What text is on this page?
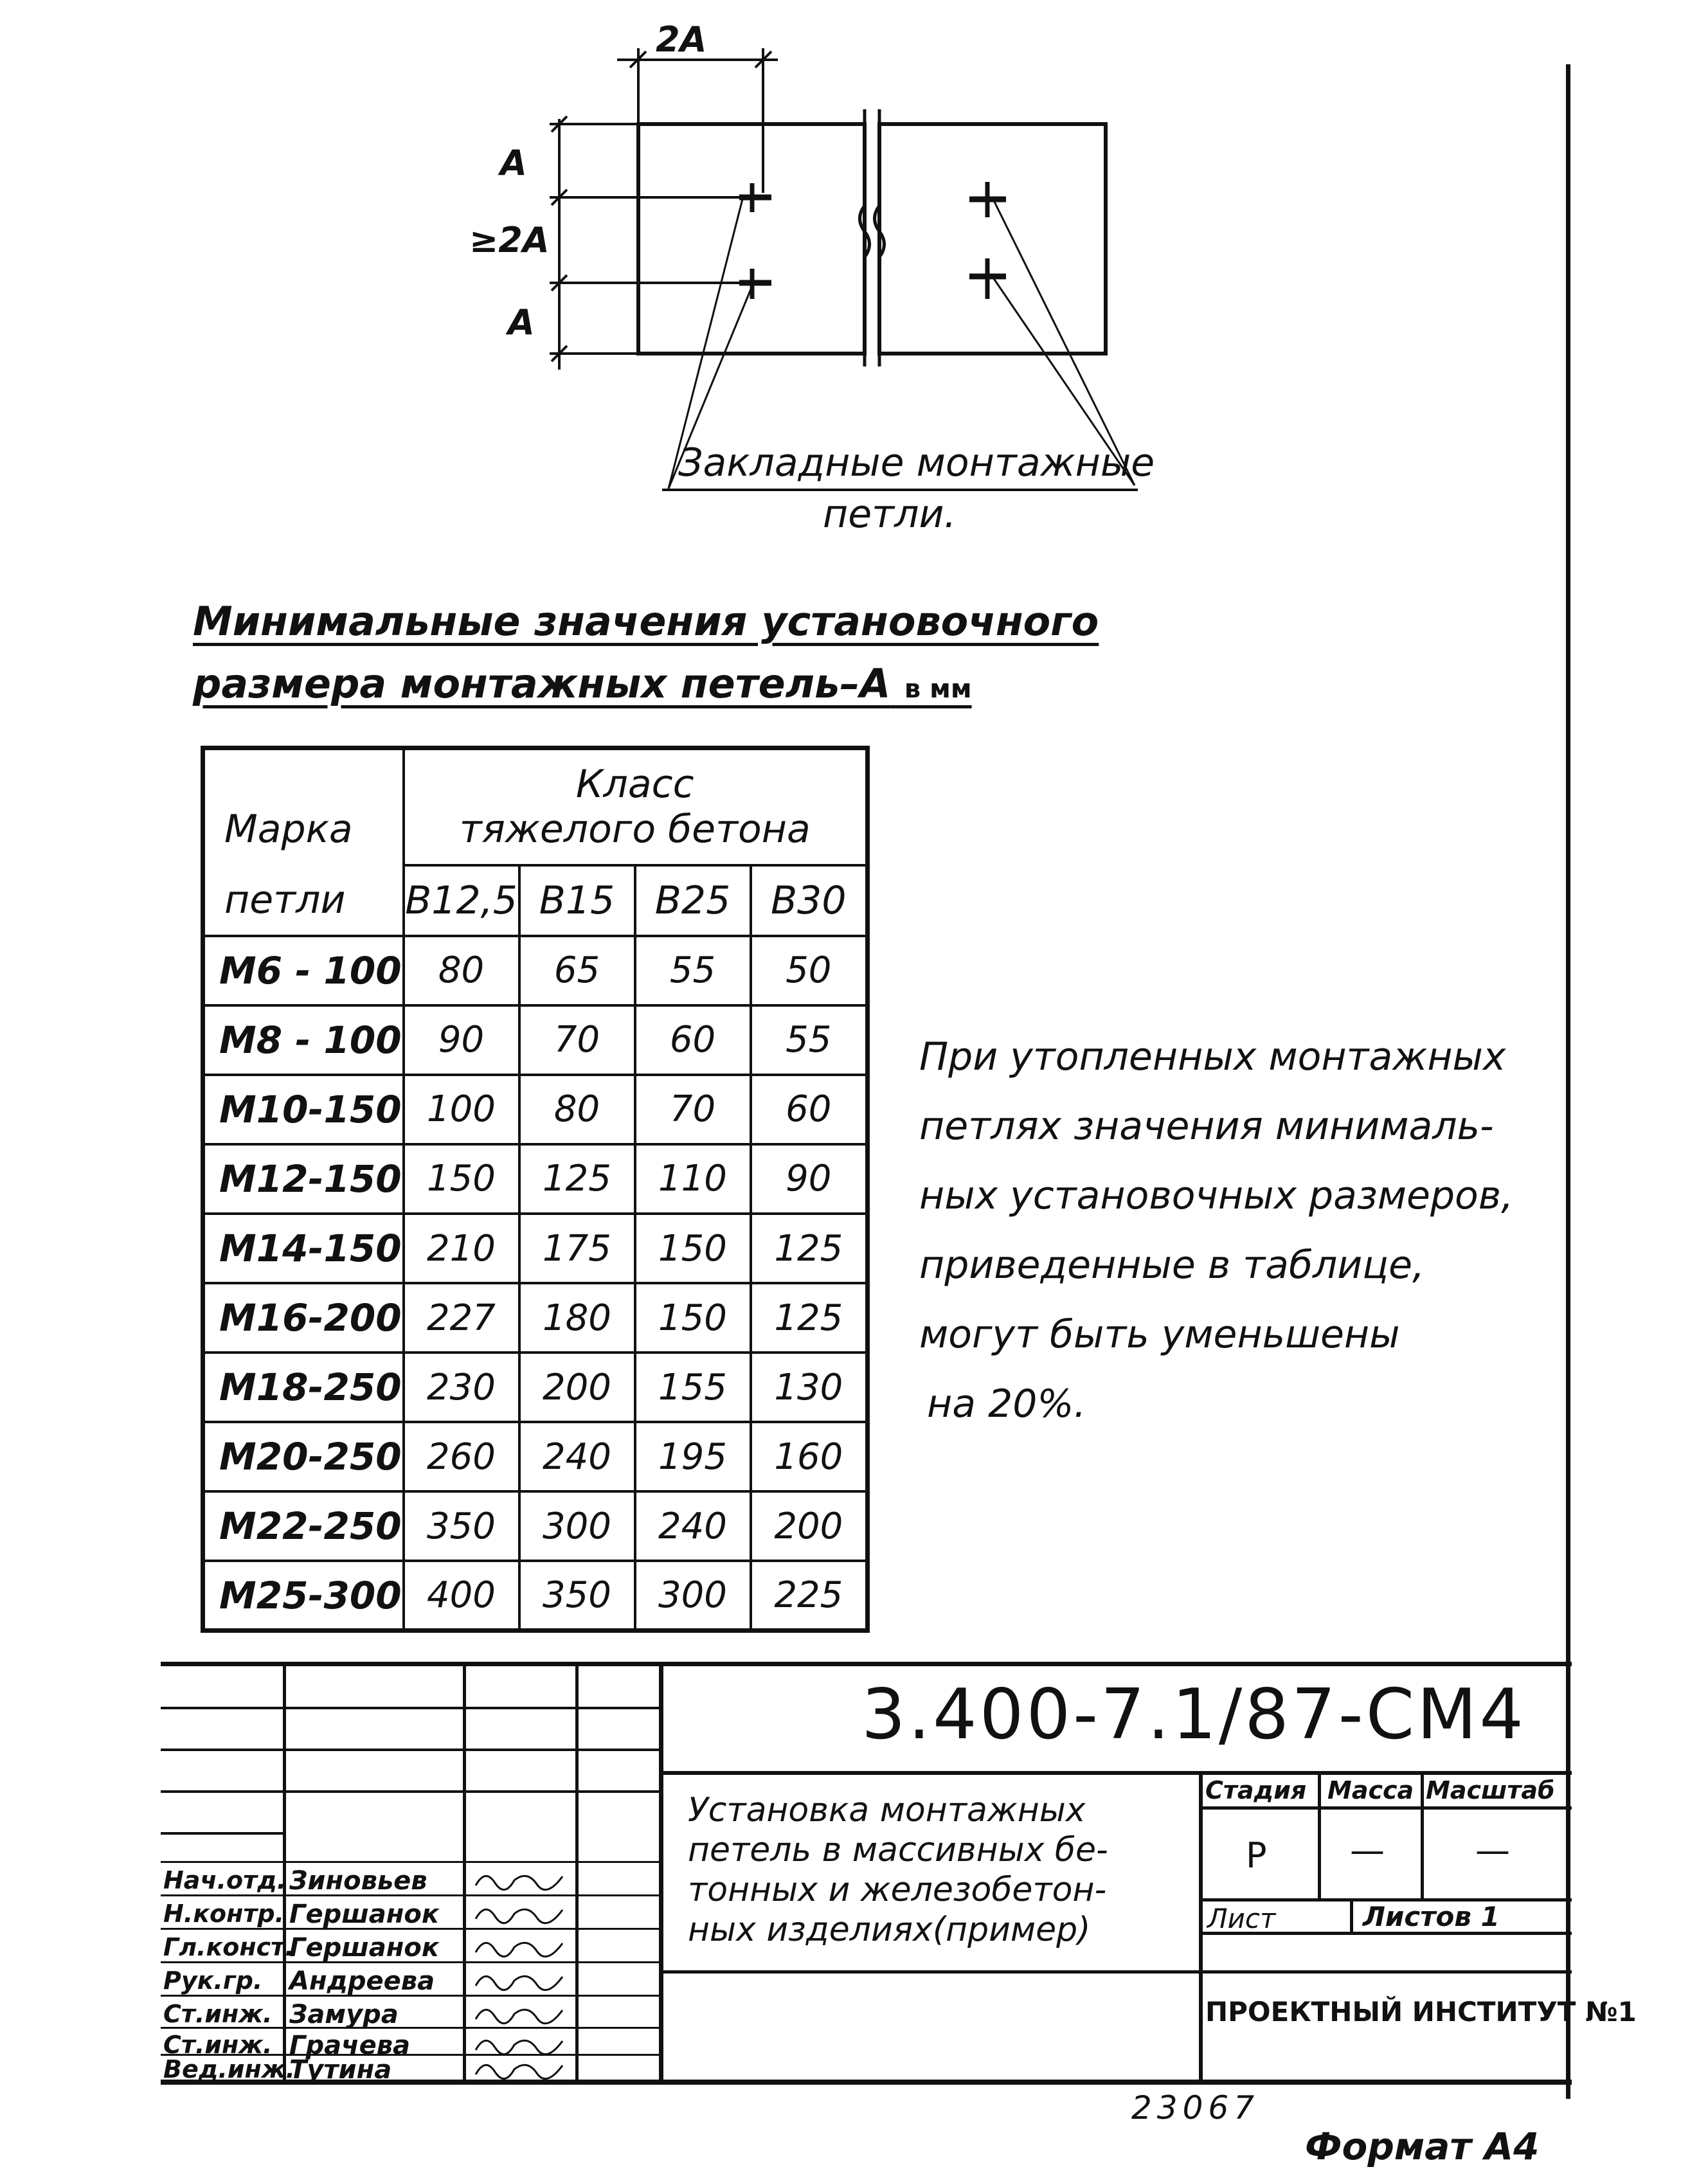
2А
А
≥2А
А
Закладные монтажные
петли.
Минимальные значения установочного
размера монтажных петель–А в мм
Марка	Класс
тяжелого бетона			

петли	B12,5	B15	B25	B30
M6 - 100	80	65	55	50
M8 - 100	90	70	60	55
M10-150	100	80	70	60
M12-150	150	125	110	90
M14-150	210	175	150	125
M16-200	227	180	150	125
M18-250	230	200	155	130
M20-250	260	240	195	160
M22-250	350	300	240	200
M25-300	400	350	300	225
При утопленных монтажных
петлях значения минималь-
ных установочных размеров,
приведенные в таблице,
могут быть уменьшены
на 20%.
3.400-7.1/87-СМ4
Установка монтажных
петель в массивных бе-
тонных и железобетон-
ных изделиях(пример)
Стадия Масса Масштаб
Р —	—
Лист	Листов 1
ПРОЕКТНЫЙ ИНСТИТУТ №1
Нач.отд. Зиновьев
Н.контр. Гершанок
Гл.конст.
Гершанок
Рук.гр. Андреева
Ст.инж. Замура
Ст.инж. Грачева
Вед.инж.
Тутина
23067
Формат А4
